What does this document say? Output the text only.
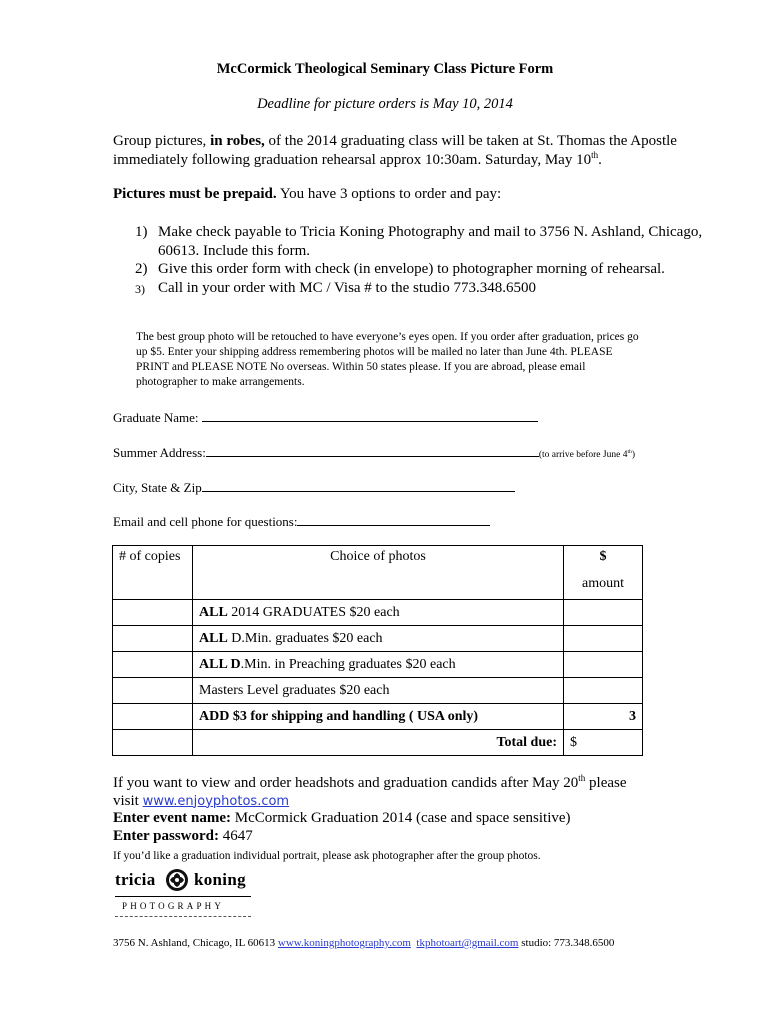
McCormick Theological Seminary Class Picture Form
Deadline for picture orders is May 10, 2014
Group pictures, in robes, of the 2014 graduating class will be taken at St. Thomas the Apostle immediately following graduation rehearsal approx 10:30am. Saturday, May 10th.
Pictures must be prepaid. You have 3 options to order and pay:
1) Make check payable to Tricia Koning Photography and mail to 3756 N. Ashland, Chicago, 60613. Include this form.
2) Give this order form with check (in envelope) to photographer morning of rehearsal.
3) Call in your order with MC / Visa # to the studio 773.348.6500
The best group photo will be retouched to have everyone’s eyes open. If you order after graduation, prices go up $5. Enter your shipping address remembering photos will be mailed no later than June 4th. PLEASE PRINT and PLEASE NOTE No overseas. Within 50 states please. If you are abroad, please email photographer to make arrangements.
Graduate Name:
Summer Address:	(to arrive before June 4th)
City, State & Zip
Email and cell phone for questions:
# of copies	Choice of photos	$
amount

	ALL 2014 GRADUATES $20 each	
	ALL D.Min. graduates $20 each	
	ALL D.Min. in Preaching graduates $20 each	
	Masters Level graduates $20 each	
	ADD $3 for shipping and handling ( USA only)	3
	Total due:	$
If you want to view and order headshots and graduation candids after May 20th please
visit www.enjoyphotos.com
Enter event name: McCormick Graduation 2014 (case and space sensitive)
Enter password: 4647
If you’d like a graduation individual portrait, please ask photographer after the group photos.
tricia koning
PHOTOGRAPHY
3756 N. Ashland, Chicago, IL 60613 www.koningphotography.com tkphotoart@gmail.com studio: 773.348.6500
